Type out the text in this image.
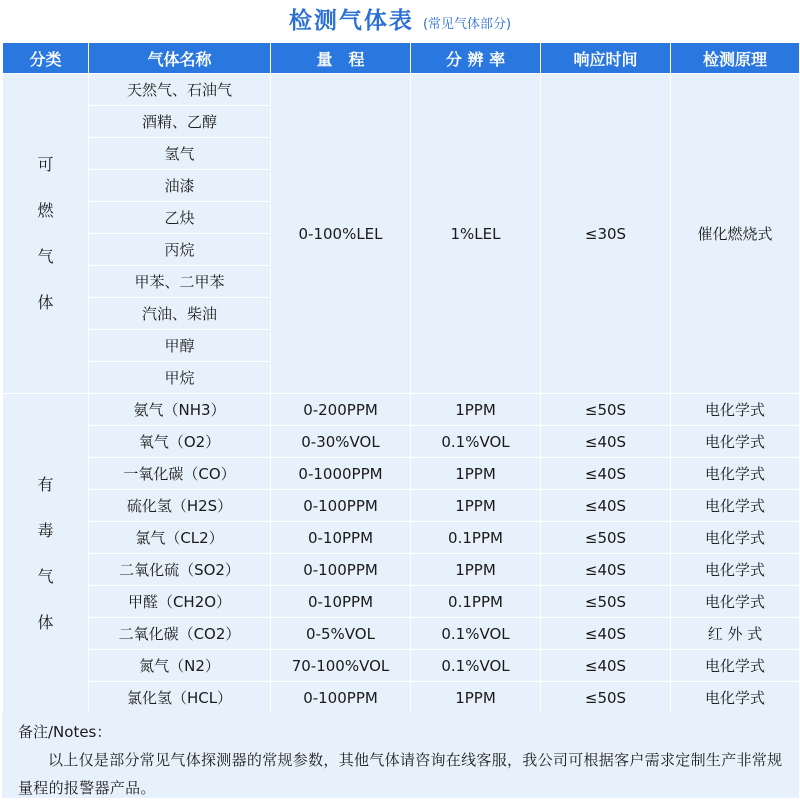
检测气体表 (常见气体部分)
分类	气体名称	量　程	分 辨 率	响应时间	检测原理

可
燃
气
体	天然气、石油气	0-100%LEL	1%LEL	≤30S	催化燃烧式
	酒精、乙醇				
	氢气				
	油漆				
	乙炔				
	丙烷				
	甲苯、二甲苯				
	汽油、柴油				
	甲醇				
	甲烷				

有
毒
气
体	氨气（NH3）	0-200PPM	1PPM	≤50S	电化学式
	氧气（O2）	0-30%VOL	0.1%VOL	≤40S	电化学式
	一氧化碳（CO）	0-1000PPM	1PPM	≤40S	电化学式
	硫化氢（H2S）	0-100PPM	1PPM	≤40S	电化学式
	氯气（CL2）	0-10PPM	0.1PPM	≤50S	电化学式
	二氧化硫（SO2）	0-100PPM	1PPM	≤40S	电化学式
	甲醛（CH2O）	0-10PPM	0.1PPM	≤50S	电化学式
	二氧化碳（CO2）	0-5%VOL	0.1%VOL	≤40S	红 外 式
	氮气（N2）	70-100%VOL	0.1%VOL	≤40S	电化学式
	氯化氢（HCL）	0-100PPM	1PPM	≤50S	电化学式
备注/Notes：
以上仅是部分常见气体探测器的常规参数，其他气体请咨询在线客服，我公司可根据客户需求定制生产非常规量程的报警器产品。
